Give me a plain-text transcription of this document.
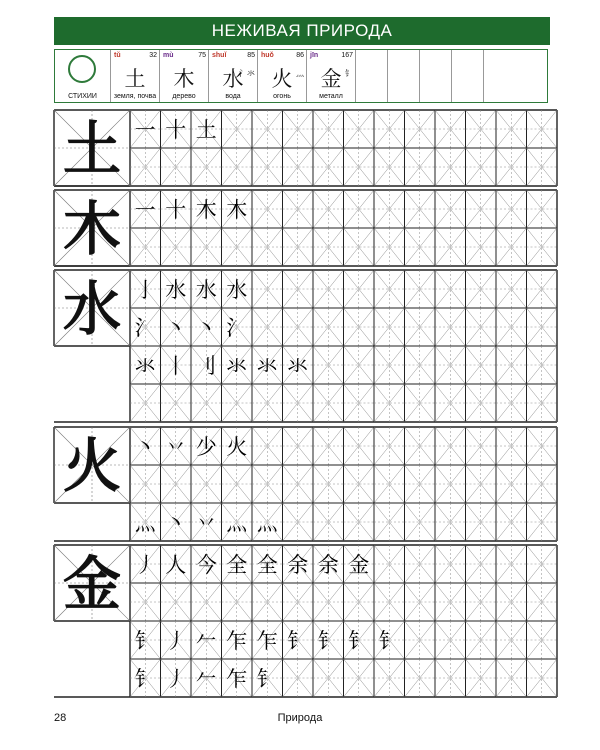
НЕЖИВАЯ ПРИРОДА
СТИХИИ
tǔ	32
土
земля, почва
mù	75
木
дерево
shuǐ	85
水
氵氺
вода
huǒ	86
火 灬
огонь
jīn	167
金 钅
металл
一 十 土
一 十 木 木
亅 水 水 水
氵 丶 丶 氵
氺 丨 刂 氺 氺 氺
丶 丷 少 火
灬 丶 丷 灬 灬
丿 人 今 全 全 余 余 金
钅 丿 𠂉 乍 乍 钅 钅 钅 钅
钅 丿 𠂉 乍 钅
土
木
水
火
金
28	Природа
